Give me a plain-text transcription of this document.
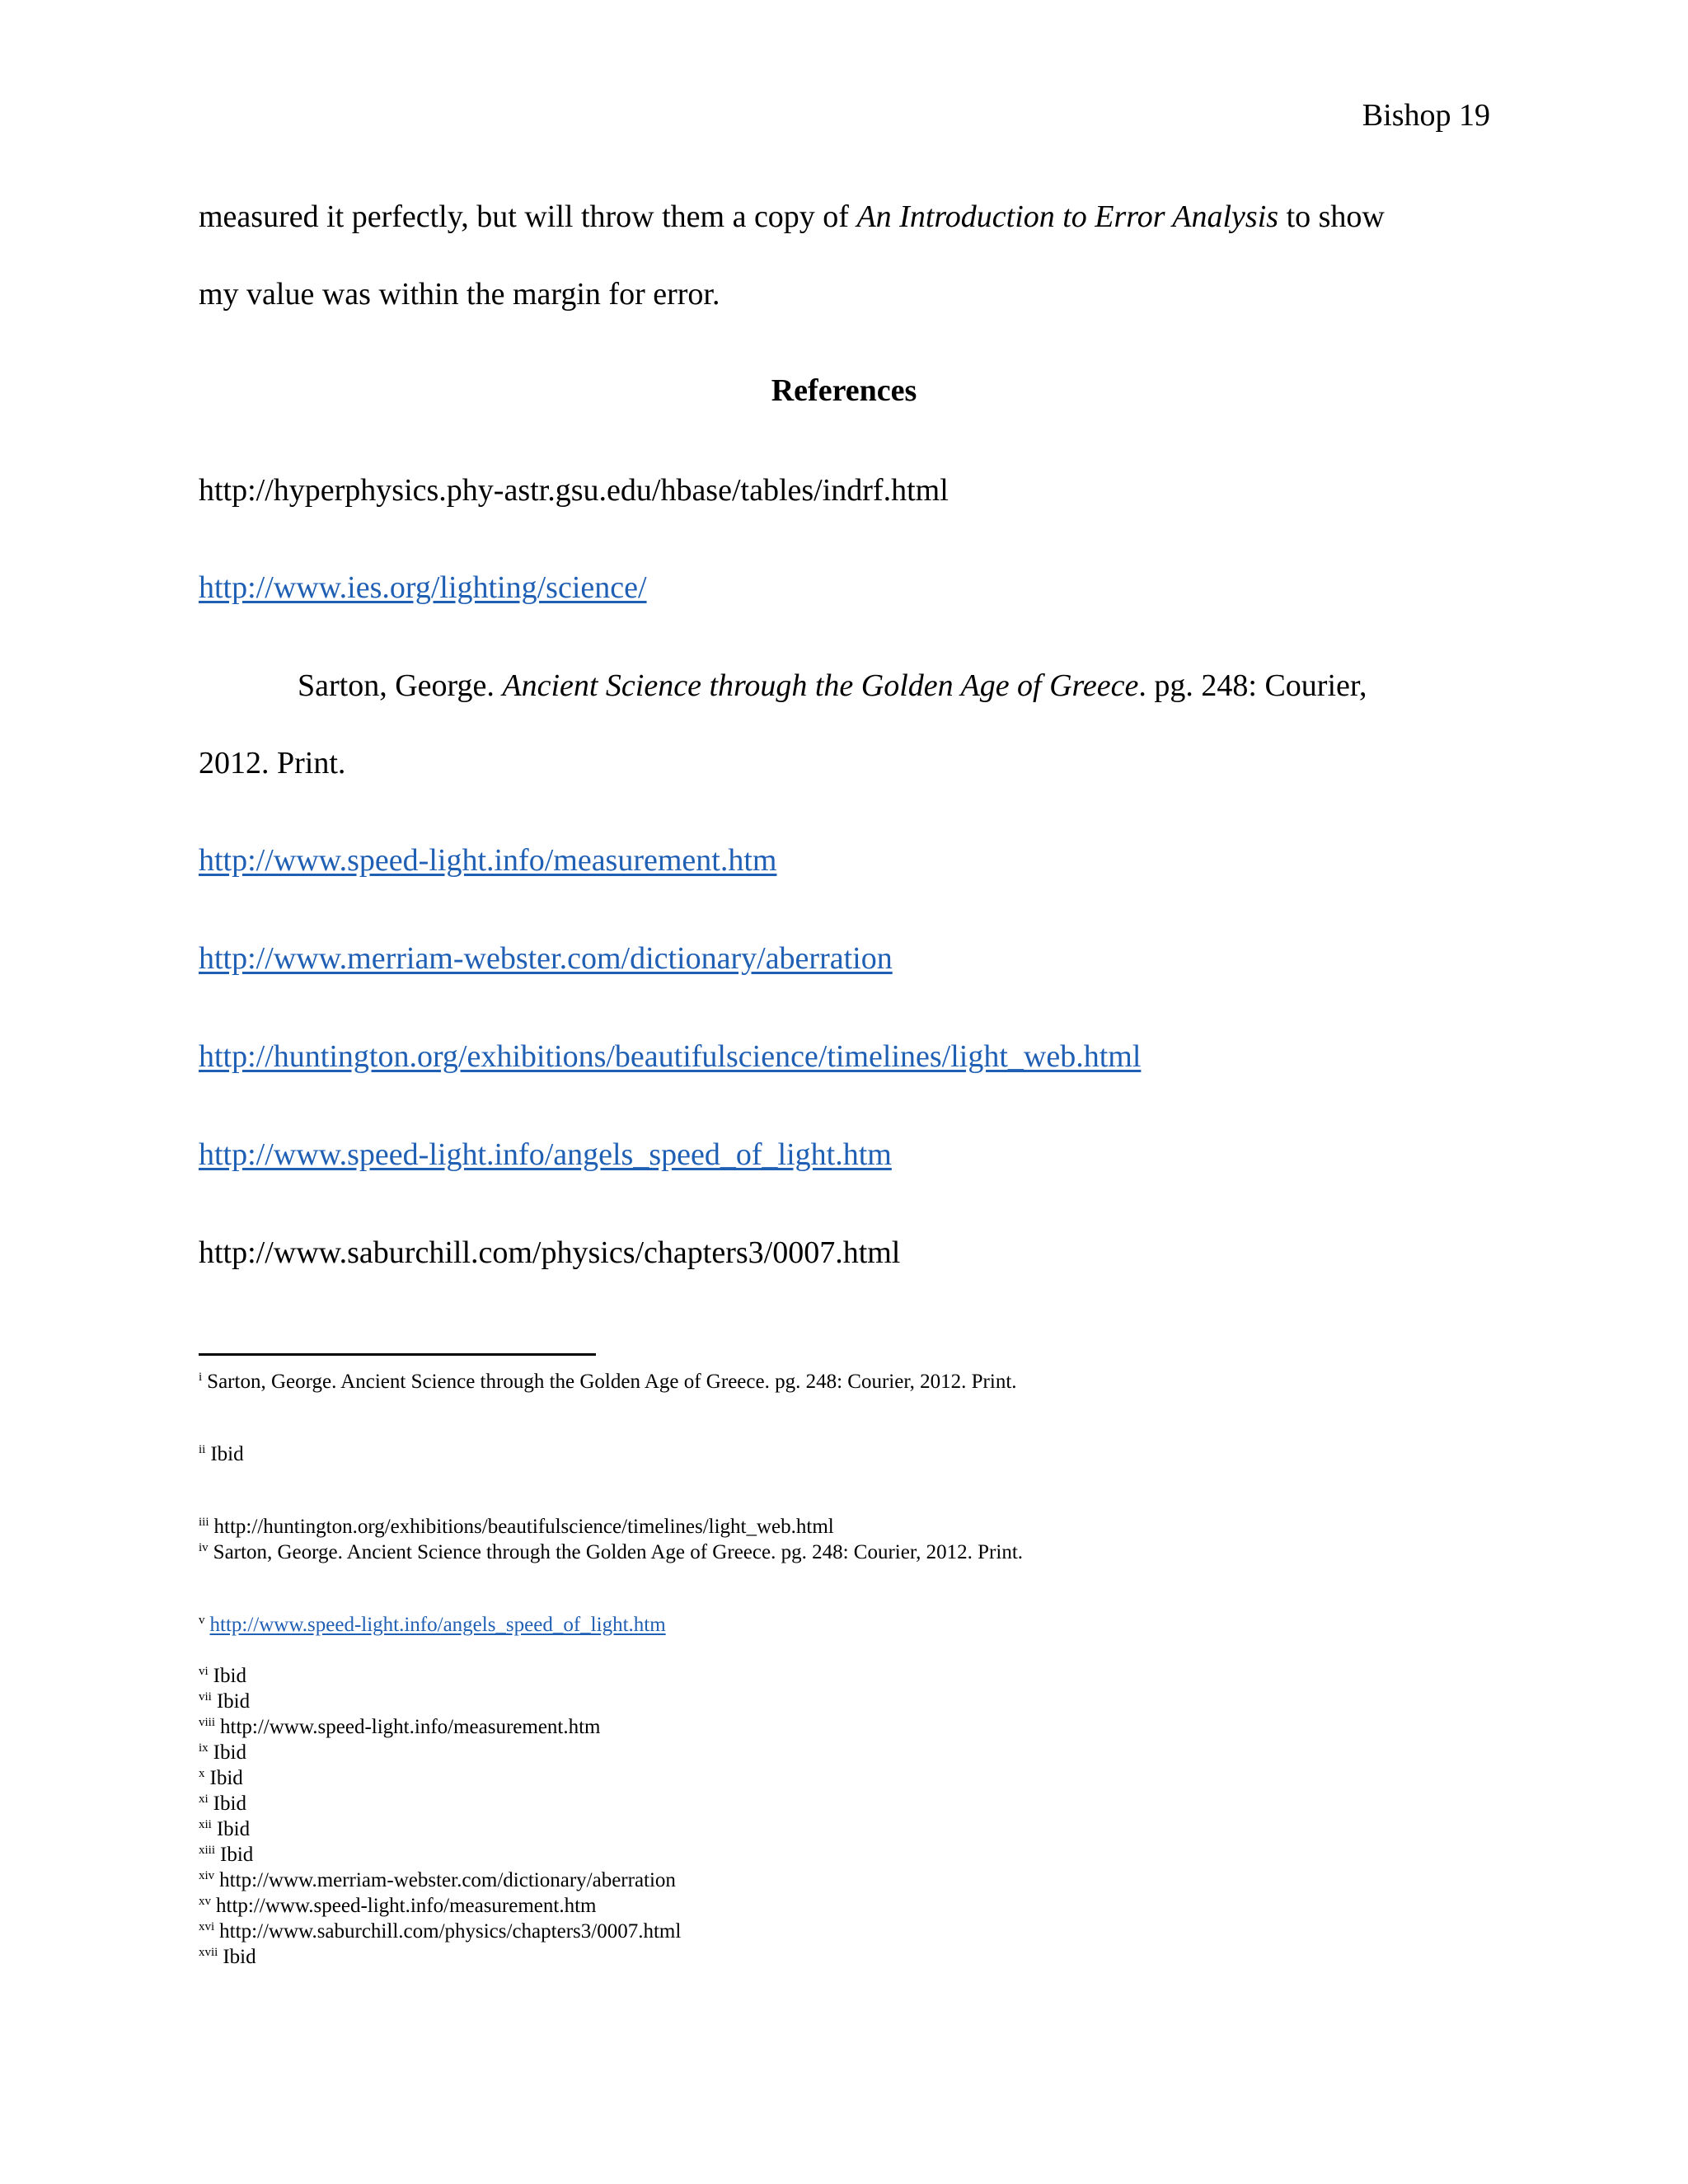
Bishop 19
measured it perfectly, but will throw them a copy of An Introduction to Error Analysis to show
my value was within the margin for error.
References
http://hyperphysics.phy-astr.gsu.edu/hbase/tables/indrf.html
http://www.ies.org/lighting/science/
Sarton, George. Ancient Science through the Golden Age of Greece. pg. 248: Courier,
2012. Print.
http://www.speed-light.info/measurement.htm
http://www.merriam-webster.com/dictionary/aberration
http://huntington.org/exhibitions/beautifulscience/timelines/light_web.html
http://www.speed-light.info/angels_speed_of_light.htm
http://www.saburchill.com/physics/chapters3/0007.html
$^i$ Sarton, George. Ancient Science through the Golden Age of Greece. pg. 248: Courier, 2012. Print.
$^{ii}$ Ibid
$^{iii}$ http://huntington.org/exhibitions/beautifulscience/timelines/light_web.html
$^{iv}$ Sarton, George. Ancient Science through the Golden Age of Greece. pg. 248: Courier, 2012. Print.
$^v$ http://www.speed-light.info/angels_speed_of_light.htm
$^{vi}$ Ibid
$^{vii}$ Ibid
$^{viii}$ http://www.speed-light.info/measurement.htm
$^{ix}$ Ibid
$^x$ Ibid
$^{xi}$ Ibid
$^{xii}$ Ibid
$^{xiii}$ Ibid
$^{xiv}$ http://www.merriam-webster.com/dictionary/aberration
$^{xv}$ http://www.speed-light.info/measurement.htm
$^{xvi}$ http://www.saburchill.com/physics/chapters3/0007.html
$^{xvii}$ Ibid
